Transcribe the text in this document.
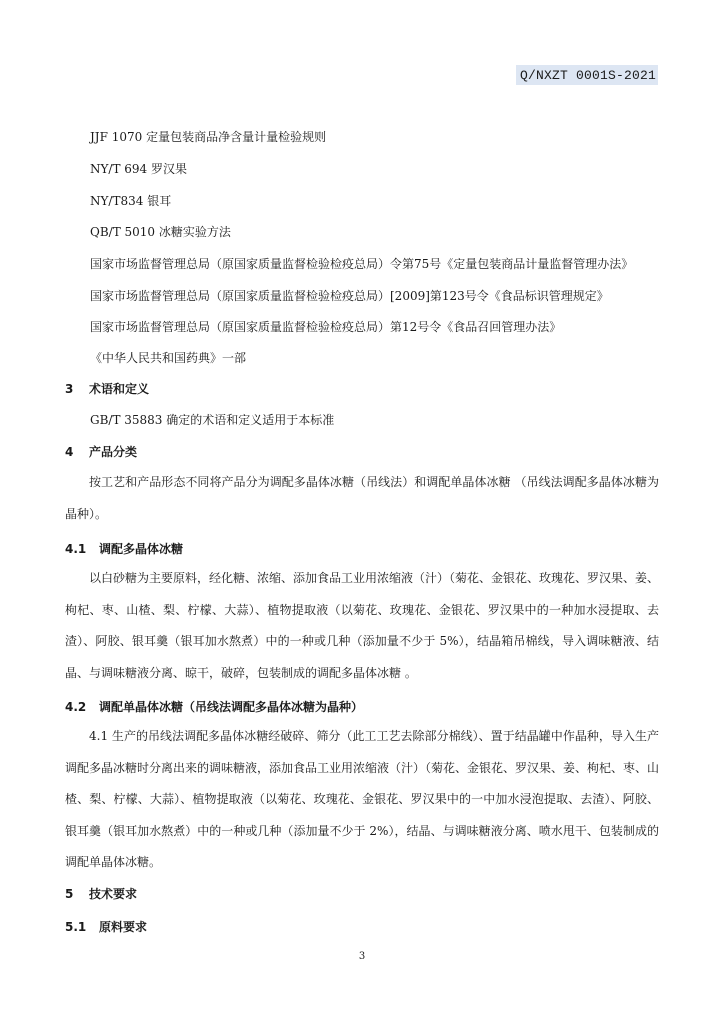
Q/NXZT 0001S-2021
JJF 1070 定量包装商品净含量计量检验规则
NY/T 694 罗汉果
NY/T834 银耳
QB/T 5010 冰糖实验方法
国家市场监督管理总局（原国家质量监督检验检疫总局）令第75号《定量包装商品计量监督管理办法》
国家市场监督管理总局（原国家质量监督检验检疫总局）[2009]第123号令《食品标识管理规定》
国家市场监督管理总局（原国家质量监督检验检疫总局）第12号令《食品召回管理办法》
《中华人民共和国药典》一部
3 术语和定义
GB/T 35883 确定的术语和定义适用于本标准
4 产品分类
按工艺和产品形态不同将产品分为调配多晶体冰糖（吊线法）和调配单晶体冰糖 （吊线法调配多晶体冰糖为晶种）。
4.1 调配多晶体冰糖
以白砂糖为主要原料，经化糖、浓缩、添加食品工业用浓缩液（汁）（菊花、金银花、玫瑰花、罗汉果、姜、枸杞、枣、山楂、梨、柠檬、大蒜）、植物提取液（以菊花、玫瑰花、金银花、罗汉果中的一种加水浸提取、去渣）、阿胶、银耳羹（银耳加水熬煮）中的一种或几种（添加量不少于 5%），结晶箱吊棉线，导入调味糖液、结晶、与调味糖液分离、晾干，破碎，包装制成的调配多晶体冰糖 。
4.2 调配单晶体冰糖（吊线法调配多晶体冰糖为晶种）
4.1 生产的吊线法调配多晶体冰糖经破碎、筛分（此工工艺去除部分棉线）、置于结晶罐中作晶种，导入生产调配多晶冰糖时分离出来的调味糖液，添加食品工业用浓缩液（汁）（菊花、金银花、罗汉果、姜、枸杞、枣、山楂、梨、柠檬、大蒜）、植物提取液（以菊花、玫瑰花、金银花、罗汉果中的一中加水浸泡提取、去渣）、阿胶、银耳羹（银耳加水熬煮）中的一种或几种（添加量不少于 2%），结晶、与调味糖液分离、喷水甩干、包装制成的调配单晶体冰糖。
5 技术要求
5.1 原料要求
3
